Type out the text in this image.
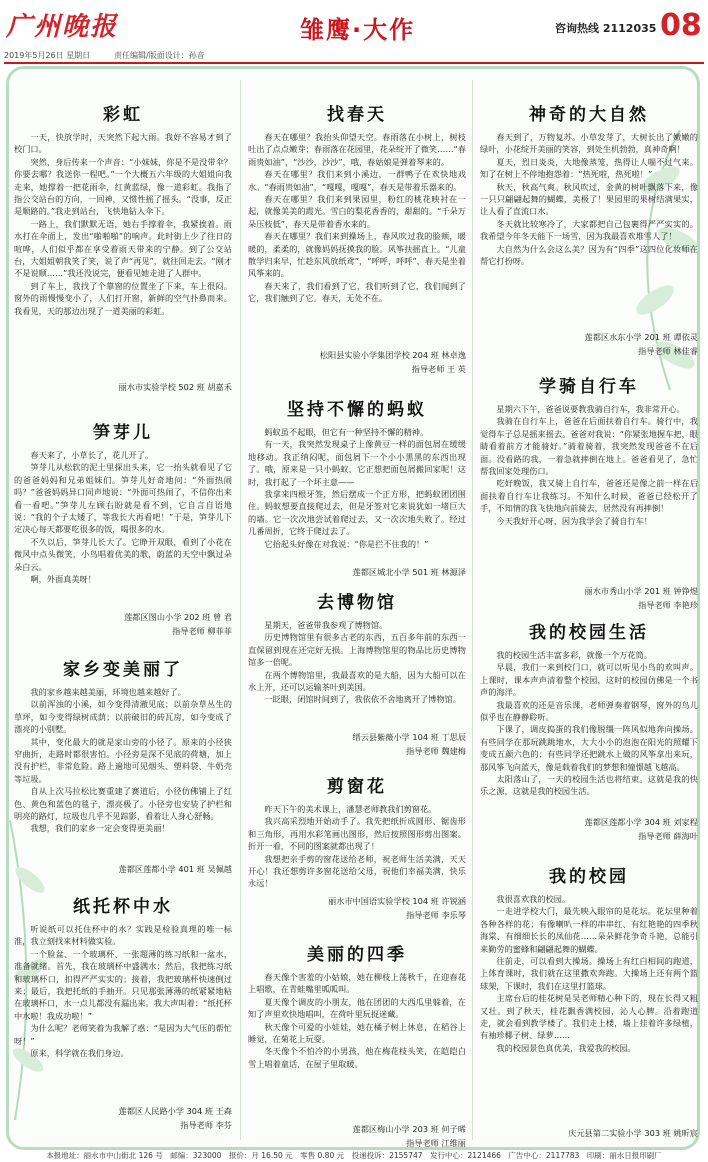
广州晚报	雏鹰·大作	咨询热线 2112035 08
2019年5月26日 星期日	责任编辑/版面设计：孙音
彩虹

一天，快放学时，天突然下起大雨。我好不容易才到了校门口。

突然，身后传来一个声音：“小妹妹，你是不是没带伞？你要去哪？我送你一程吧。”一个大概五六年级的大姐姐向我走来，她撑着一把花雨伞，红黄蓝绿，像一道彩虹。我指了指公交站台的方向，一回神，又惯性摇了摇头。“没事，反正是顺路的。”我走到站台，飞快地钻入伞下。

一路上，我们默默无语，她右手撑着伞，我紧挨着。雨水打在伞面上，发出“啪啪啪”的响声。此时街上少了往日的喧哗，人们似乎都在享受着雨天带来的宁静。到了公交站台，大姐姐朝我笑了笑，说了声“再见”，就往回走去。“刚才不是说顺……”我还没说完，便看见她走进了人群中。

到了车上，我找了个靠窗的位置坐了下来，车上很闷。窗外的雨慢慢变小了，人们打开窗，新鲜的空气扑鼻而来。我看见，天的那边出现了一道美丽的彩虹。

丽水市实验学校 502 班 胡嘉禾
笋芽儿

春天来了，小草长了，花儿开了。

笋芽儿从松软的泥土里探出头来，它一抬头就看见了它的爸爸妈妈和兄弟姐妹们。笋芽儿好奇地问：“外面热闹吗？”爸爸妈妈异口同声地说：“外面可热闹了，不信你出来看一看吧。”笋芽儿左顾右盼就是看不到，它自言自语地说：“我的个子太矮了，等我长大再看吧！”于是，笋芽儿下定决心每天都要吃很多的饭，喝很多的水。

不久以后，笋芽儿长大了。它睁开双眼，看到了小花在微风中点头微笑，小鸟唱着优美的歌，蔚蓝的天空中飘过朵朵白云。

啊，外面真美呀！

莲都区图山小学 202 班 曾 君
指导老师 柳菲菲
家乡变美丽了

我的家乡越来越美丽，环境也越来越好了。

以前浑浊的小溪，如今变得清澈见底；以前杂草丛生的草坪，如今变得绿树成荫；以前破旧的砖瓦房，如今变成了漂亮的小别墅。

其中，变化最大的就是家山旁的小径了。原来的小径狭窄曲折，走路时都很害怕。小径旁是深不见底的荷塘，加上没有护栏，非常危险。路上遍地可见烟头、塑料袋、牛奶壳等垃圾。

自从上次马拉松比赛重建了赛道后，小径仿佛铺上了红色、黄色和蓝色的毯子，漂亮极了。小径旁也安装了护栏和明亮的路灯，垃圾也几乎不见踪影，看着让人身心舒畅。

我想，我们的家乡一定会变得更美丽！

莲都区莲都小学 401 班 吴佩越
纸托杯中水

听说纸可以托住杯中的水？实践是检验真理的唯一标准，我立刻找来材料做实验。

一个脸盆、一个玻璃杯、一张超薄的练习纸和一盆水，准备就绪。首先，我在玻璃杯中盛满水；然后，我把练习纸和玻璃杯口，扣得严严实实的；接着，我把玻璃杯快速倒过来；最后，我把托纸的手抽开。只见那张薄薄的纸紧紧地粘在玻璃杯口，水一点儿都没有漏出来。我大声叫着：“纸托杯中水啦！我成功啦！”

为什么呢？老师笑着为我解了惑：“是因为大气压的帮忙呀！”

原来，科学就在我们身边。

莲都区人民路小学 304 班 王森
指导老师 李芬
找春天

春天在哪里？我抬头仰望天空。春雨落在小树上，树枝吐出了点点嫩芽；春雨落在花园里，花朵绽开了微笑……“春雨贵如油”，“沙沙，沙沙”，哦，春姑娘是弹着琴来的。

春天在哪里？我们来到小溪边，一群鸭子在欢快地戏水。“春雨贵如油”，“嘎嘎，嘎嘎”，春天是带着乐器来的。

春天在哪里？我们来到果园里，粉红的桃花映衬在一起，就像美美的霞光。雪白的梨花香香的，甜甜的。“千朵万朵压枝低”，春天是带着香水来的。

春天在哪里？我们来到操场上，春风吹过我的脸颊，暖暖的，柔柔的，就像妈妈抚摸我的脸。风筝扶摇直上。“儿童散学归来早，忙趁东风放纸鸢”，“呼呼，呼呼”，春天是坐着风筝来的。

春天来了，我们看到了它，我们听到了它，我们闻到了它，我们触到了它。春天，无处不在。

松阳县实验小学集团学校 204 班 林卓逸
指导老师 王 英
坚持不懈的蚂蚁

蚂蚁虽不起眼，但它有一种坚持不懈的精神。

有一天，我突然发现桌子上像黄豆一样的面包屑在缓缓地移动。我正纳闷呢，面包屑下一个小小黑黑的东西出现了。哦，原来是一只小蚂蚁，它正想把面包屑搬回家呢！这时，我打起了一个坏主意——

我拿来四根牙签，然后摆成一个正方形，把蚂蚁团团围住。蚂蚁想要直接爬过去，但是牙签对它来说犹如一堵巨大的墙。它一次次地尝试着爬过去，又一次次地失败了。经过几番周折，它终于爬过去了。

它抬起头好像在对我说：“你是拦不住我的！”

莲都区城北小学 501 班 林源泽
去博物馆

星期天，爸爸带我参观了博物馆。

历史博物馆里有很多古老的东西，五百多年前的东西一直保留到现在还完好无损。上海博物馆里的物品比历史博物馆多一倍呢。

在两个博物馆里，我最喜欢的是大船，因为大船可以在水上开，还可以运输茶叶到美国。

一眨眼，闭馆时间到了，我依依不舍地离开了博物馆。

缙云县紫薇小学 104 班 丁思辰
指导老师 魏建梅
剪窗花

昨天下午的美术课上，潘慧老师教我们剪窗花。

我兴高采烈地开始动手了。我先把纸折成圆形、锯齿形和三角形，再用水彩笔画出图形，然后按照图形剪出图案。折开一看，不同的图案就都出现了！

我想把亲手剪的窗花送给老师，祝老师生活美满，天天开心！我还想剪许多窗花送给父母，祝他们幸福美满，快乐永远！

丽水市中国语实验学校 104 班 许锐涵
指导老师 李乐琴
美丽的四季

春天像个害羞的小姑娘，她在柳枝上荡秋千，在迎春花上唱歌，在青蛙嘴里呱呱叫。

夏天像个调皮的小朋友，他在团团的大西瓜里躲着，在知了声里欢快地唱叫，在荷叶里玩捉迷藏。

秋天像个可爱的小娃娃，她在橘子树上休息，在稻谷上睡觉，在菊花上玩耍。

冬天像个不怕冷的小男孩，他在梅花枝头笑，在皑皑白雪上唱着童话，在屋子里取暖。

莲都区梅山小学 203 班 何子晞
指导老师 江维丽
神奇的大自然

春天到了，万物复苏。小草发芽了，大树长出了嫩嫩的绿叶，小花绽开美丽的笑容，到处生机勃勃，真神奇啊！

夏天，烈日炎炎，大地像蒸笼，热得让人喘不过气来。知了在树上不停地抱怨着：“热死啦，热死啦！”

秋天，秋高气爽。秋风吹过，金黄的树叶飘落下来，像一只只翩翩起舞的蝴蝶，美极了！果园里的果树结满果实，让人看了直流口水。

冬天就比较寒冷了，大家都把自己包裹得严严实实的。我希望今年冬天能下一场雪，因为我最喜欢堆雪人了！

大自然为什么会这么美？因为有“四季”这四位化妆师在帮它打扮呀。

莲都区水东小学 201 班 谭依灵
指导老师 林佳睿
学骑自行车

星期六下午，爸爸说要教我骑自行车，我非常开心。

我骑在自行车上，爸爸在后面扶着自行车。骑行中，我觉得车子总是摇来摇去。爸爸对我说：“你紧张地握车把，眼睛看着前方才能骑好。”骑着骑着，我突然发现爸爸不在后面。没看路的我，一着急就摔倒在地上。爸爸看见了，急忙帮我回家处理伤口。

吃好晚饭，我又骑上自行车，爸爸还是像之前一样在后面扶着自行车让我练习。不知什么时候，爸爸已经松开了手，不知情的我飞快地向前骑去，居然没有再摔倒！

今天我好开心呀，因为我学会了骑自行车！

丽水市秀山小学 201 班 钟铮煜
指导老师 李艳珍
我的校园生活

我的校园生活丰富多彩，就像一个万花筒。

早晨，我们一来到校门口，就可以听见小鸟的欢叫声。上课时，课本声声清着整个校园，这时的校园仿佛是一个书声的海洋。

我最喜欢的还是音乐课，老师弹奏着钢琴，窗外的鸟儿似乎也在静静聆听。

下课了，调皮捣蛋的我们像脱缰一阵风似地奔向操场。有些同学在那玩跳跳地水，大大小小的泡泡在阳光的照耀下变成五颜六色的；有些同学还把跳水上做的风筝拿出来玩，那风筝飞向蓝天，像是载着我们的梦想和憧憬越飞越高。

太阳落山了，一天的校园生活也将结束。这就是我的快乐之源，这就是我的校园生活。

莲都区莲都小学 304 班 刘家程
指导老师 薛海叶
我的校园

我很喜欢我的校园。

一走进学校大门，最先映入眼帘的是花坛。花坛里种着各种各样的花；有像喇叭一样的串串红、有红艳艳的四季秋海棠、有细细长长的凤仙花……朵朵鲜花争奇斗艳，总能引来勤劳的蜜蜂和翩翩起舞的蝴蝶。

往前走，可以看到大操场。操场上有红白相间的跑道，上体育课时，我们就在这里撒欢奔跑。大操场上还有两个篮球架，下课时，我们在这里打篮球。

主席台后的桂花树是吴老师精心种下的，现在长得又粗又壮。到了秋天，桂花飘香满校园，沁人心脾。沿着跑道走，就会看到教学楼了。我们走上楼，墙上挂着许多绿植，有袖珍椰子树、绿萝……

我的校园景色真优美，我爱我的校园。

庆元县第二实验小学 303 班 姚昕宸
本报地址：丽水市中山街北 126 号　邮编：323000　报价：月 16.50 元　零售 0.80 元　投递投诉：2155747　发行中心：2121466　广告中心：2117783　印刷：丽水日报印刷厂
